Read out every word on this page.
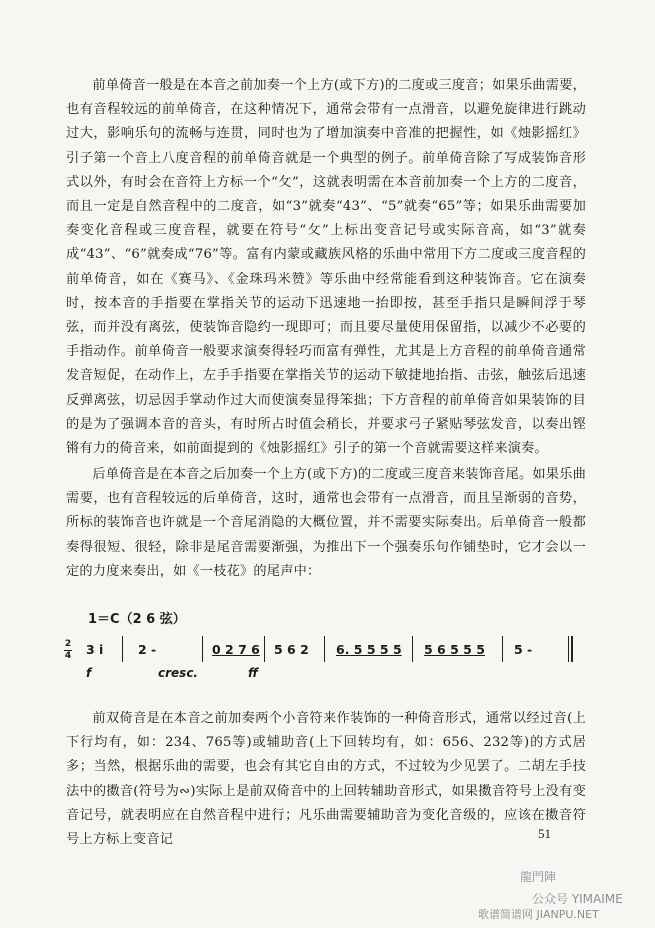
前单倚音一般是在本音之前加奏一个上方(或下方)的二度或三度音；如果乐曲需要，也有音程较远的前单倚音，在这种情况下，通常会带有一点滑音，以避免旋律进行跳动过大，影响乐句的流畅与连贯，同时也为了增加演奏中音准的把握性，如《烛影摇红》引子第一个音上八度音程的前单倚音就是一个典型的例子。前单倚音除了写成装饰音形式以外，有时会在音符上方标一个“攵”，这就表明需在本音前加奏一个上方的二度音，而且一定是自然音程中的二度音，如“3”就奏“43”、“5”就奏“65”等；如果乐曲需要加奏变化音程或三度音程，就要在符号“攵”上标出变音记号或实际音高，如“3”就奏成“43”、“6”就奏成“76”等。富有内蒙或藏族风格的乐曲中常用下方二度或三度音程的前单倚音，如在《赛马》、《金珠玛米赞》等乐曲中经常能看到这种装饰音。它在演奏时，按本音的手指要在掌指关节的运动下迅速地一抬即按，甚至手指只是瞬间浮于琴弦，而并没有离弦，使装饰音隐约一现即可；而且要尽量使用保留指，以减少不必要的手指动作。前单倚音一般要求演奏得轻巧而富有弹性，尤其是上方音程的前单倚音通常发音短促，在动作上，左手手指要在掌指关节的运动下敏捷地抬指、击弦，触弦后迅速反弹离弦，切忌因手掌动作过大而使演奏显得笨拙；下方音程的前单倚音如果装饰的目的是为了强调本音的音头，有时所占时值会稍长，并要求弓子紧贴琴弦发音，以奏出铿锵有力的倚音来，如前面提到的《烛影摇红》引子的第一个音就需要这样来演奏。

后单倚音是在本音之后加奏一个上方(或下方)的二度或三度音来装饰音尾。如果乐曲需要，也有音程较远的后单倚音，这时，通常也会带有一点滑音，而且呈渐弱的音势，所标的装饰音也许就是一个音尾消隐的大概位置，并不需要实际奏出。后单倚音一般都奏得很短、很轻，除非是尾音需要渐强，为推出下一个强奏乐句作铺垫时，它才会以一定的力度来奏出，如《一枝花》的尾声中：

1＝C（2 6 弦）
2
4 3 i	2 -	0 2 7 6 5 6 2 6. 5 5 5 5 5 6 5 5 5 5 -
f	cresc.	ff

前双倚音是在本音之前加奏两个小音符来作装饰的一种倚音形式，通常以经过音(上下行均有，如：234、765等)或辅助音(上下回转均有，如：656、232等)的方式居多；当然，根据乐曲的需要，也会有其它自由的方式，不过较为少见罢了。二胡左手技法中的擞音(符号为∾)实际上是前双倚音中的上回转辅助音形式，如果擞音符号上没有变音记号，就表明应在自然音程中进行；凡乐曲需要辅助音为变化音级的，应该在擞音符号上方标上变音记	51
龍門陣
公众号 YIMAIME
歌谱简谱网 JIANPU.NET
